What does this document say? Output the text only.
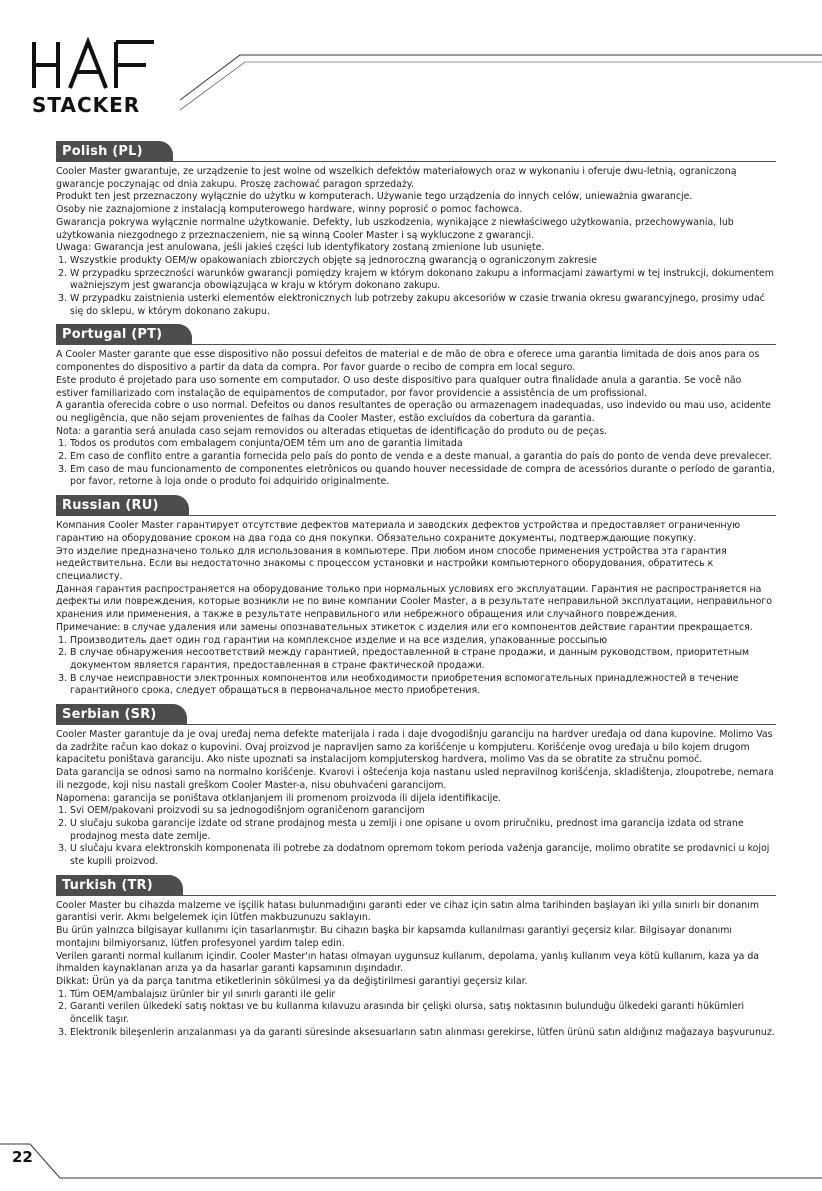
STACKER
Polish (PL)

Cooler Master gwarantuje, ze urządzenie to jest wolne od wszelkich defektów materiałowych oraz w wykonaniu i oferuje dwu-letnią, ograniczoną gwarancje poczynając od dnia zakupu. Proszę zachować paragon sprzedaży.

Produkt ten jest przeznaczony wyłącznie do użytku w komputerach. Używanie tego urządzenia do innych celów, unieważnia gwarancje.

Osoby nie zaznajomione z instalacją komputerowego hardware, winny poprosić o pomoc fachowca.

Gwarancja pokrywa wyłącznie normalne użytkowanie. Defekty, lub uszkodzenia, wynikające z niewłaściwego użytkowania, przechowywania, lub użytkowania niezgodnego z przeznaczeniem, nie są winną Cooler Master i są wykluczone z gwarancji.

Uwaga: Gwarancja jest anulowana, jeśli jakieś części lub identyfikatory zostaną zmienione lub usunięte.

1. Wszystkie produkty OEM/w opakowaniach zbiorczych objęte są jednoroczną gwarancją o ograniczonym zakresie
2. W przypadku sprzeczności warunków gwarancji pomiędzy krajem w którym dokonano zakupu a informacjami zawartymi w tej instrukcji, dokumentem ważniejszym jest gwarancja obowiązująca w kraju w którym dokonano zakupu.
3. W przypadku zaistnienia usterki elementów elektronicznych lub potrzeby zakupu akcesoriów w czasie trwania okresu gwarancyjnego, prosimy udać się do sklepu, w którym dokonano zakupu.
Portugal (PT)

A Cooler Master garante que esse dispositivo não possui defeitos de material e de mão de obra e oferece uma garantia limitada de dois anos para os componentes do dispositivo a partir da data da compra. Por favor guarde o recibo de compra em local seguro.

Este produto é projetado para uso somente em computador. O uso deste dispositivo para qualquer outra finalidade anula a garantia. Se você não estiver familiarizado com instalação de equipamentos de computador, por favor providencie a assistência de um profissional.

A garantia oferecida cobre o uso normal. Defeitos ou danos resultantes de operação ou armazenagem inadequadas, uso indevido ou mau uso, acidente ou negligência, que não sejam provenientes de falhas da Cooler Master, estão excluídos da cobertura da garantia.

Nota: a garantia será anulada caso sejam removidos ou alteradas etiquetas de identificação do produto ou de peças.

1. Todos os produtos com embalagem conjunta/OEM têm um ano de garantia limitada
2. Em caso de conflito entre a garantia fornecida pelo país do ponto de venda e a deste manual, a garantia do país do ponto de venda deve prevalecer.
3. Em caso de mau funcionamento de componentes eletrônicos ou quando houver necessidade de compra de acessórios durante o período de garantia, por favor, retorne à loja onde o produto foi adquirido originalmente.
Russian (RU)

Компания Cooler Master гарантирует отсутствие дефектов материала и заводских дефектов устройства и предоставляет ограниченную гарантию на оборудование сроком на два года со дня покупки. Обязательно сохраните документы, подтверждающие покупку.

Это изделие предназначено только для использования в компьютере. При любом ином способе применения устройства эта гарантия недействительна. Если вы недостаточно знакомы с процессом установки и настройки компьютерного оборудования, обратитесь к специалисту.

Данная гарантия распространяется на оборудование только при нормальных условиях его эксплуатации. Гарантия не распространяется на дефекты или повреждения, которые возникли не по вине компании Cooler Master, а в результате неправильной эксплуатации, неправильного хранения или применения, а также в результате неправильного или небрежного обращения или случайного повреждения.

Примечание: в случае удаления или замены опознавательных этикеток с изделия или его компонентов действие гарантии прекращается.

1. Производитель дает один год гарантии на комплексное изделие и на все изделия, упакованные россыпью
2. В случае обнаружения несоответствий между гарантией, предоставленной в стране продажи, и данным руководством, приоритетным документом является гарантия, предоставленная в стране фактической продажи.
3. В случае неисправности электронных компонентов или необходимости приобретения вспомогательных принадлежностей в течение гарантийного срока, следует обращаться в первоначальное место приобретения.
Serbian (SR)

Cooler Master garantuje da je ovaj uređaj nema defekte materijala i rada i daje dvogodišnju garanciju na hardver uređaja od dana kupovine. Molimo Vas da zadržite račun kao dokaz o kupovini. Ovaj proizvod je napravljen samo za korišćenje u kompjuteru. Korišćenje ovog uređaja u bilo kojem drugom kapacitetu poništava garanciju. Ako niste upoznati sa instalacijom kompjuterskog hardvera, molimo Vas da se obratite za stručnu pomoć.

Data garancija se odnosi samo na normalno korišćenje. Kvarovi i oštećenja koja nastanu usled nepravilnog korišćenja, skladištenja, zloupotrebe, nemara ili nezgode, koji nisu nastali greškom Cooler Master-a, nisu obuhvaćeni garancijom.

Napomena: garancija se poništava otklanjanjem ili promenom proizvoda ili dijela identifikacije.

1. Svi OEM/pakovani proizvodi su sa jednogodišnjom ograničenom garancijom
2. U slučaju sukoba garancije izdate od strane prodajnog mesta u zemlji i one opisane u ovom priručniku, prednost ima garancija izdata od strane prodajnog mesta date zemlje.
3. U slučaju kvara elektronskih komponenata ili potrebe za dodatnom opremom tokom perioda važenja garancije, molimo obratite se prodavnici u kojoj ste kupili proizvod.
Turkish (TR)

Cooler Master bu cihazda malzeme ve işçilik hatası bulunmadığını garanti eder ve cihaz için satın alma tarihinden başlayan iki yılla sınırlı bir donanım garantisi verir. Akmı belgelemek için lütfen makbuzunuzu saklayın.

Bu ürün yalnızca bilgisayar kullanımı için tasarlanmıştır. Bu cihazın başka bir kapsamda kullanılması garantiyi geçersiz kılar. Bilgisayar donanımı montajını bilmiyorsanız, lütfen profesyonel yardım talep edin.

Verilen garanti normal kullanım içindir. Cooler Master'ın hatası olmayan uygunsuz kullanım, depolama, yanlış kullanım veya kötü kullanım, kaza ya da ihmalden kaynaklanan arıza ya da hasarlar garanti kapsamının dışındadır.

Dikkat: Ürün ya da parça tanıtma etiketlerinin sökülmesi ya da değiştirilmesi garantiyi geçersiz kılar.

1. Tüm OEM/ambalajsız ürünler bir yıl sınırlı garanti ile gelir
2. Garanti verilen ülkedeki satış noktası ve bu kullanma kılavuzu arasında bir çelişki olursa, satış noktasının bulunduğu ülkedeki garanti hükümleri öncelik taşır.
3. Elektronik bileşenlerin arızalanması ya da garanti süresinde aksesuarların satın alınması gerekirse, lütfen ürünü satın aldığınız mağazaya başvurunuz.
22
